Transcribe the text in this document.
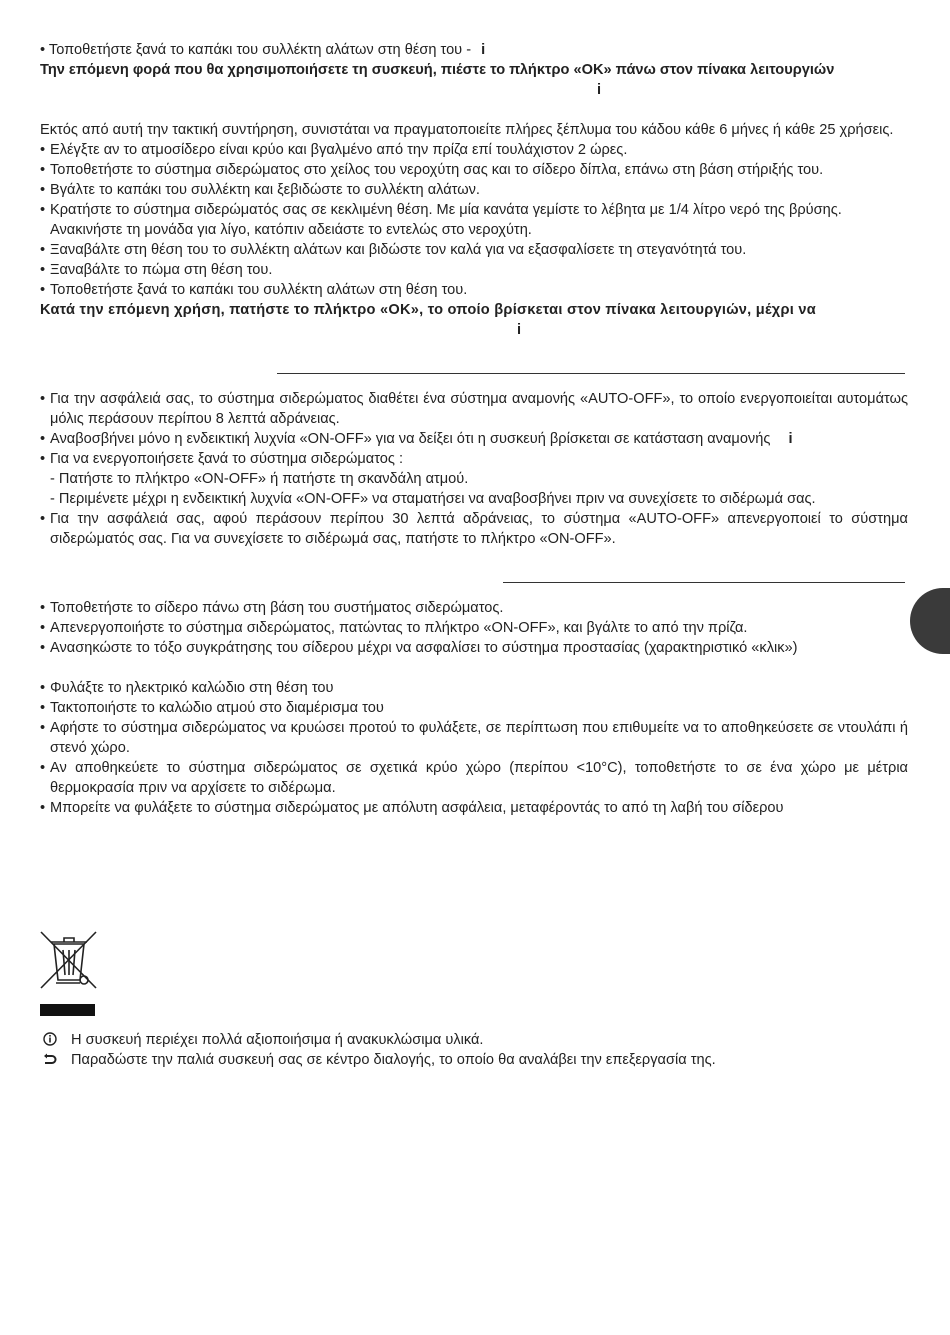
• Τοποθετήστε ξανά το καπάκι του συλλέκτη αλάτων στη θέση του - i
Την επόμενη φορά που θα χρησιμοποιήσετε τη συσκευή, πιέστε το πλήκτρο «OK» πάνω στον πίνακα λειτουργιών
i
Εκτός από αυτή την τακτική συντήρηση, συνιστάται να πραγματοποιείτε πλήρες ξέπλυμα του κάδου κάθε 6 μήνες ή κάθε 25 χρήσεις.
• Ελέγξτε αν το ατμοσίδερο είναι κρύο και βγαλμένο από την πρίζα επί τουλάχιστον 2 ώρες.
• Τοποθετήστε το σύστημα σιδερώματος στο χείλος του νεροχύτη σας και το σίδερο δίπλα, επάνω στη βάση στήριξής του.
• Βγάλτε το καπάκι του συλλέκτη και ξεβιδώστε το συλλέκτη αλάτων.
• Κρατήστε το σύστημα σιδερώματός σας σε κεκλιμένη θέση. Με μία κανάτα γεμίστε το λέβητα με 1/4 λίτρο νερό της βρύσης.
Ανακινήστε τη μονάδα για λίγο, κατόπιν αδειάστε το εντελώς στο νεροχύτη.
• Ξαναβάλτε στη θέση του το συλλέκτη αλάτων και βιδώστε τον καλά για να εξασφαλίσετε τη στεγανότητά του.
• Ξαναβάλτε το πώμα στη θέση του.
• Τοποθετήστε ξανά το καπάκι του συλλέκτη αλάτων στη θέση του.
Κατά την επόμενη χρήση, πατήστε το πλήκτρο «OK», το οποίο βρίσκεται στον πίνακα λειτουργιών, μέχρι να
i
• Για την ασφάλειά σας, το σύστημα σιδερώματος διαθέτει ένα σύστημα αναμονής «AUTO-OFF», το οποίο ενεργοποιείται αυτομάτως μόλις περάσουν περίπου 8 λεπτά αδράνειας.
• Αναβοσβήνει μόνο η ενδεικτική λυχνία «ON-OFF» για να δείξει ότι η συσκευή βρίσκεται σε κατάσταση αναμονής i
• Για να ενεργοποιήσετε ξανά το σύστημα σιδερώματος :
- Πατήστε το πλήκτρο «ON-OFF» ή πατήστε τη σκανδάλη ατμού.
- Περιμένετε μέχρι η ενδεικτική λυχνία «ON-OFF» να σταματήσει να αναβοσβήνει πριν να συνεχίσετε το σιδέρωμά σας.
• Για την ασφάλειά σας, αφού περάσουν περίπου 30 λεπτά αδράνειας, το σύστημα «AUTO-OFF» απενεργοποιεί το σύστημα σιδερώματός σας. Για να συνεχίσετε το σιδέρωμά σας, πατήστε το πλήκτρο «ON-OFF».
• Τοποθετήστε το σίδερο πάνω στη βάση του συστήματος σιδερώματος.
• Απενεργοποιήστε το σύστημα σιδερώματος, πατώντας το πλήκτρο «ON-OFF», και βγάλτε το από την πρίζα.
• Ανασηκώστε το τόξο συγκράτησης του σίδερου μέχρι να ασφαλίσει το σύστημα προστασίας (χαρακτηριστικό «κλικ»)
• Φυλάξτε το ηλεκτρικό καλώδιο στη θέση του
• Τακτοποιήστε το καλώδιο ατμού στο διαμέρισμα του
• Αφήστε το σύστημα σιδερώματος να κρυώσει προτού το φυλάξετε, σε περίπτωση που επιθυμείτε να το αποθηκεύσετε σε ντουλάπι ή στενό χώρο.
• Αν αποθηκεύετε το σύστημα σιδερώματος σε σχετικά κρύο χώρο (περίπου <10°C), τοποθετήστε το σε ένα χώρο με μέτρια θερμοκρασία πριν να αρχίσετε το σιδέρωμα.
• Μπορείτε να φυλάξετε το σύστημα σιδερώματος με απόλυτη ασφάλεια, μεταφέροντάς το από τη λαβή του σίδερου
Η συσκευή περιέχει πολλά αξιοποιήσιμα ή ανακυκλώσιμα υλικά.
Παραδώστε την παλιά συσκευή σας σε κέντρο διαλογής, το οποίο θα αναλάβει την επεξεργασία της.
